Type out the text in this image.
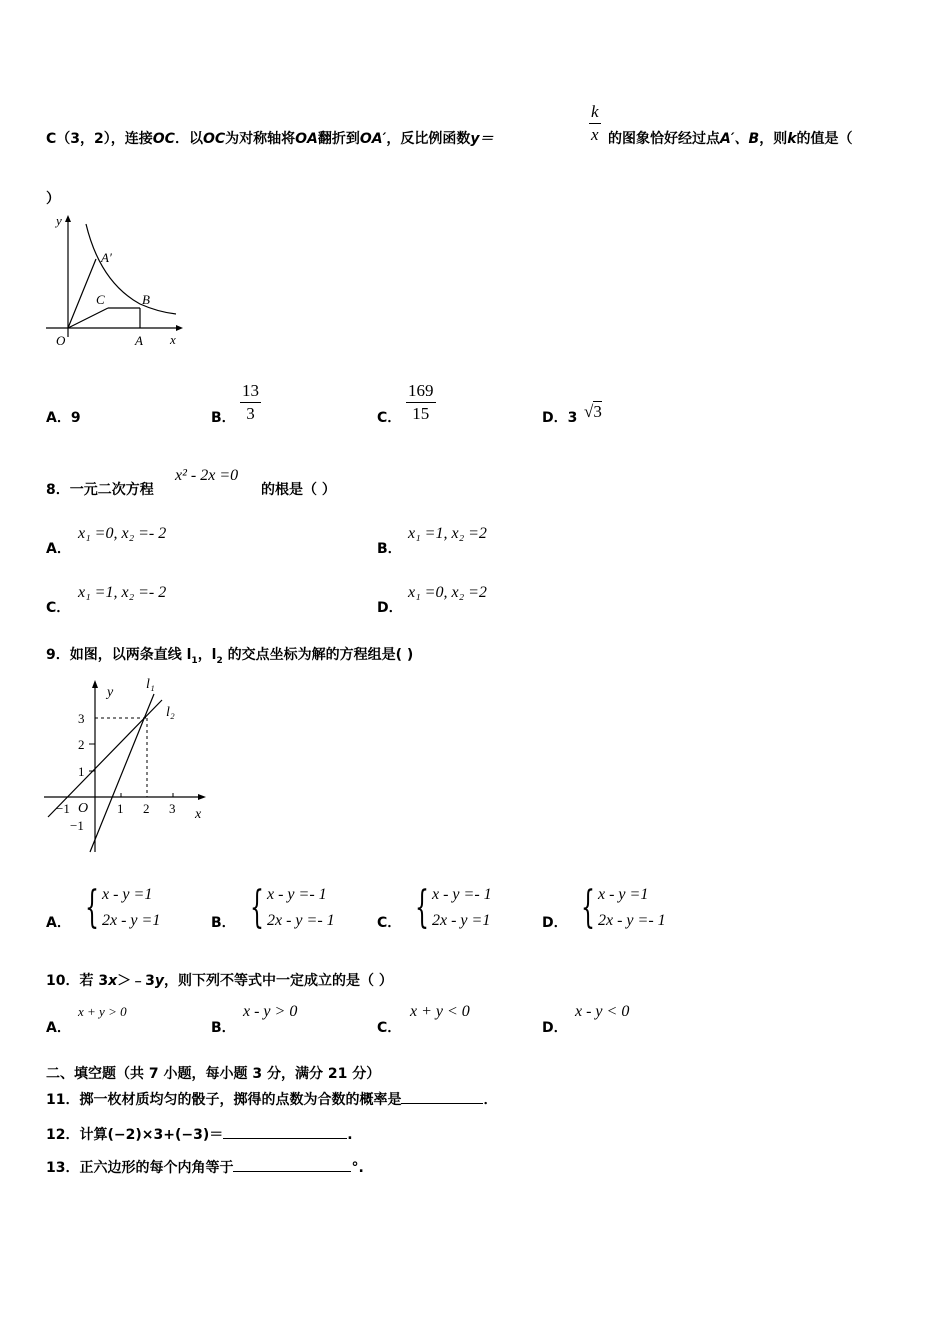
C（3，2），连接OC．以OC为对称轴将OA翻折到OA′，反比例函数y＝	$\frac{k}{x}$ 的图象恰好经过点A′、B，则k的值是（
）
y
x
O	A
A′
C	B
A．9	B． $\frac{13}{3}$	C． $\frac{169}{15}$	D．3 √3
8．一元二次方程
x² - 2x =0
的根是（ ）
A．
x₁ =0, x₂ =- 2
B．
x₁ =1, x₂ =2
C．
x₁ =1, x₂ =- 2
D．
x₁ =0, x₂ =2
9．如图，以两条直线 $l_1$，$l_2$ 的交点坐标为解的方程组是( )
y
x
O
l₁
l₂
3
2
1
−1
−1	1 2 3
A． { x - y =1
2x - y =1	B． { x - y =- 1
2x - y =- 1	C． { x - y =- 1
2x - y =1	D． { x - y =1
2x - y =- 1
10．若 3x＞﹣3y，则下列不等式中一定成立的是（ ）
A．
x + y > 0
B．
x - y > 0
C．
x + y < 0
D．
x - y < 0
二、填空题（共 7 小题，每小题 3 分，满分 21 分）
11．掷一枚材质均匀的骰子，掷得的点数为合数的概率是	．
12．计算(−2)×3+(−3)＝	.
13．正六边形的每个内角等于	°.
